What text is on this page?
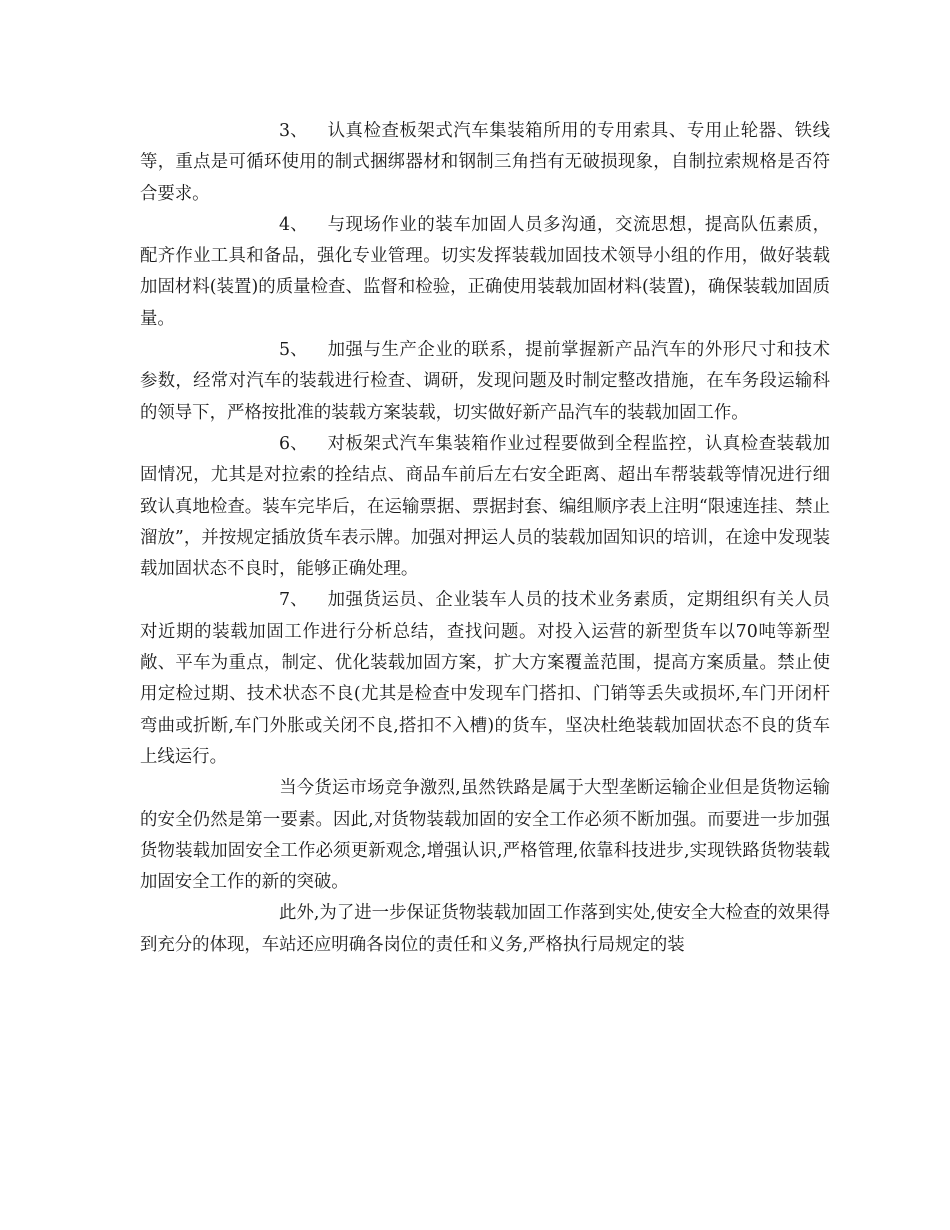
3、 认真检查板架式汽车集装箱所用的专用索具、专用止轮器、铁线等，重点是可循环使用的制式捆绑器材和钢制三角挡有无破损现象，自制拉索规格是否符合要求。

4、 与现场作业的装车加固人员多沟通，交流思想，提高队伍素质，配齐作业工具和备品，强化专业管理。切实发挥装载加固技术领导小组的作用，做好装载加固材料(装置)的质量检查、监督和检验，正确使用装载加固材料(装置)，确保装载加固质量。

5、 加强与生产企业的联系，提前掌握新产品汽车的外形尺寸和技术参数，经常对汽车的装载进行检查、调研，发现问题及时制定整改措施，在车务段运输科的领导下，严格按批准的装载方案装载，切实做好新产品汽车的装载加固工作。

6、 对板架式汽车集装箱作业过程要做到全程监控，认真检查装载加固情况，尤其是对拉索的拴结点、商品车前后左右安全距离、超出车帮装载等情况进行细致认真地检查。装车完毕后，在运输票据、票据封套、编组顺序表上注明“限速连挂、禁止溜放”，并按规定插放货车表示牌。加强对押运人员的装载加固知识的培训，在途中发现装载加固状态不良时，能够正确处理。

7、 加强货运员、企业装车人员的技术业务素质，定期组织有关人员对近期的装载加固工作进行分析总结，查找问题。对投入运营的新型货车以70吨等新型敞、平车为重点，制定、优化装载加固方案，扩大方案覆盖范围，提高方案质量。禁止使用定检过期、技术状态不良(尤其是检查中发现车门搭扣、门销等丢失或损坏,车门开闭杆弯曲或折断,车门外胀或关闭不良,搭扣不入槽)的货车，坚决杜绝装载加固状态不良的货车上线运行。

当今货运市场竞争激烈,虽然铁路是属于大型垄断运输企业但是货物运输的安全仍然是第一要素。因此,对货物装载加固的安全工作必须不断加强。而要进一步加强货物装载加固安全工作必须更新观念,增强认识,严格管理,依靠科技进步,实现铁路货物装载加固安全工作的新的突破。

此外,为了进一步保证货物装载加固工作落到实处,使安全大检查的效果得到充分的体现，车站还应明确各岗位的责任和义务,严格执行局规定的装
